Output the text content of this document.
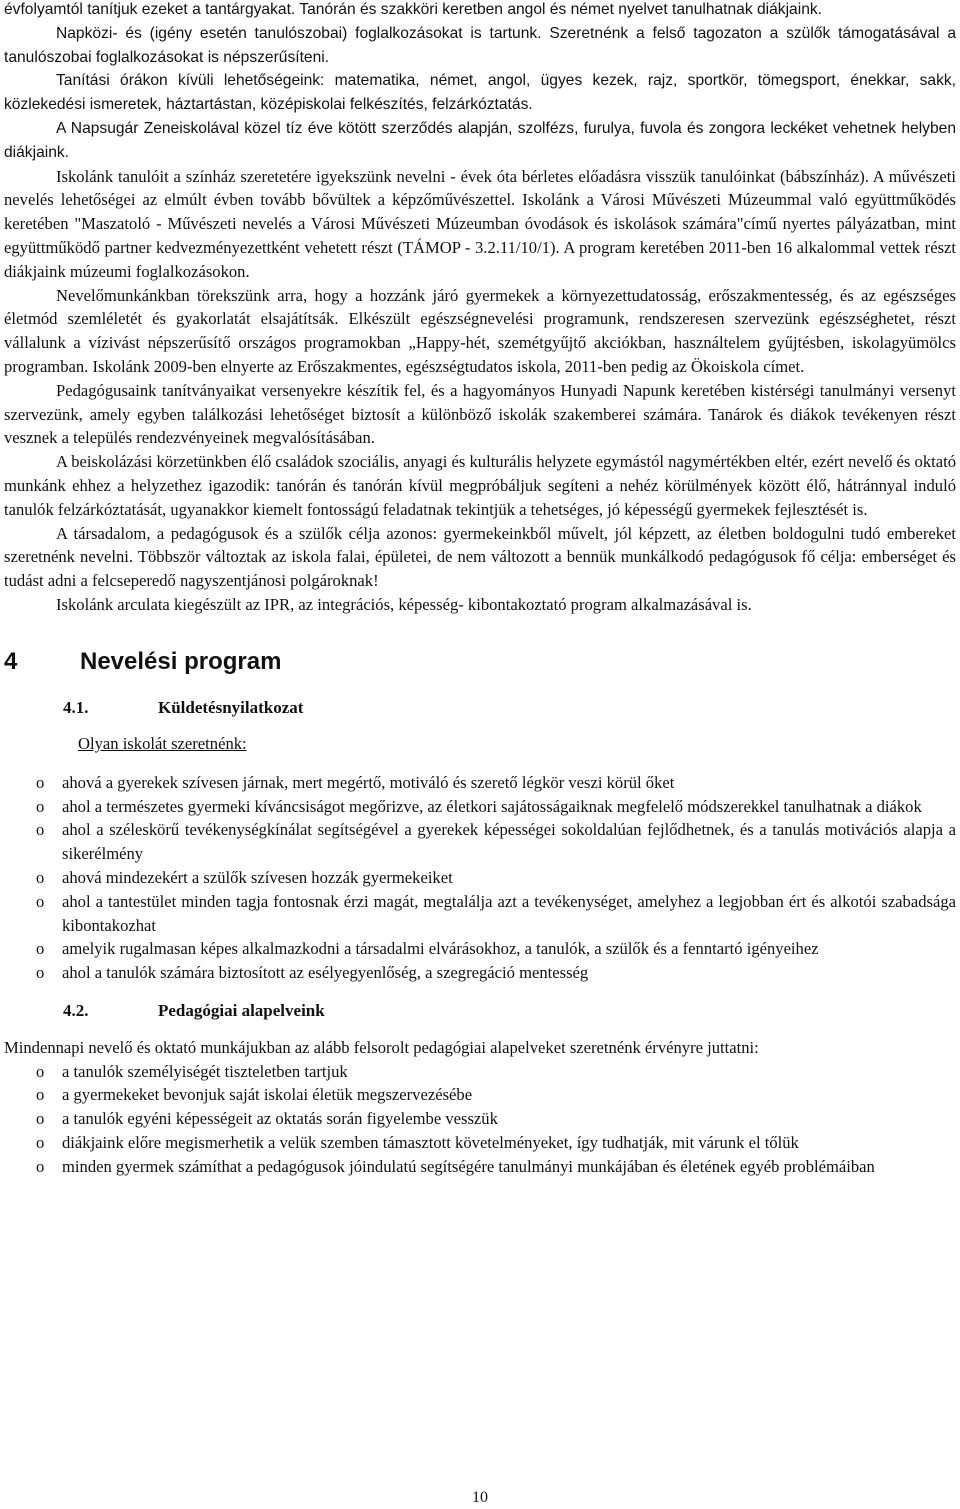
évfolyamtól tanítjuk ezeket a tantárgyakat. Tanórán és szakköri keretben angol és német nyelvet tanulhatnak diákjaink.

Napközi- és (igény esetén tanulószobai) foglalkozásokat is tartunk. Szeretnénk a felső tagozaton a szülők támogatásával a tanulószobai foglalkozásokat is népszerűsíteni.

Tanítási órákon kívüli lehetőségeink: matematika, német, angol, ügyes kezek, rajz, sportkör, tömegsport, énekkar, sakk, közlekedési ismeretek, háztartástan, középiskolai felkészítés, felzárkóztatás.

A Napsugár Zeneiskolával közel tíz éve kötött szerződés alapján, szolfézs, furulya, fuvola és zongora leckéket vehetnek helyben diákjaink.

Iskolánk tanulóit a színház szeretetére igyekszünk nevelni - évek óta bérletes előadásra visszük tanulóinkat (bábszínház). A művészeti nevelés lehetőségei az elmúlt évben tovább bővültek a képzőművészettel. Iskolánk a Városi Művészeti Múzeummal való együttműködés keretében "Maszatoló - Művészeti nevelés a Városi Művészeti Múzeumban óvodások és iskolások számára"című nyertes pályázatban, mint együttműködő partner kedvezményezettként vehetett részt (TÁMOP - 3.2.11/10/1). A program keretében 2011-ben 16 alkalommal vettek részt diákjaink múzeumi foglalkozásokon.

Nevelőmunkánkban törekszünk arra, hogy a hozzánk járó gyermekek a környezettudatosság, erőszakmentesség, és az egészséges életmód szemléletét és gyakorlatát elsajátítsák. Elkészült egészségnevelési programunk, rendszeresen szervezünk egészséghetet, részt vállalunk a vízivást népszerűsítő országos programokban „Happy-hét, szemétgyűjtő akciókban, használtelem gyűjtésben, iskolagyümölcs programban. Iskolánk 2009-ben elnyerte az Erőszakmentes, egészségtudatos iskola, 2011-ben pedig az Ökoiskola címet.

Pedagógusaink tanítványaikat versenyekre készítik fel, és a hagyományos Hunyadi Napunk keretében kistérségi tanulmányi versenyt szervezünk, amely egyben találkozási lehetőséget biztosít a különböző iskolák szakemberei számára. Tanárok és diákok tevékenyen részt vesznek a település rendezvényeinek megvalósításában.

A beiskolázási körzetünkben élő családok szociális, anyagi és kulturális helyzete egymástól nagymértékben eltér, ezért nevelő és oktató munkánk ehhez a helyzethez igazodik: tanórán és tanórán kívül megpróbáljuk segíteni a nehéz körülmények között élő, hátránnyal induló tanulók felzárkóztatását, ugyanakkor kiemelt fontosságú feladatnak tekintjük a tehetséges, jó képességű gyermekek fejlesztését is.

A társadalom, a pedagógusok és a szülők célja azonos: gyermekeinkből művelt, jól képzett, az életben boldogulni tudó embereket szeretnénk nevelni. Többször változtak az iskola falai, épületei, de nem változott a bennük munkálkodó pedagógusok fő célja: emberséget és tudást adni a felcseperedő nagyszentjánosi polgároknak!

Iskolánk arculata kiegészült az IPR, az integrációs, képesség- kibontakoztató program alkalmazásával is.

4	Nevelési program
4.1.	Küldetésnyilatkozat
Olyan iskolát szeretnénk:
o ahová a gyerekek szívesen járnak, mert megértő, motiváló és szerető légkör veszi körül őket
o ahol a természetes gyermeki kíváncsiságot megőrizve, az életkori sajátosságaiknak megfelelő módszerekkel tanulhatnak a diákok
o ahol a széleskörű tevékenységkínálat segítségével a gyerekek képességei sokoldalúan fejlődhetnek, és a tanulás motivációs alapja a sikerélmény
o ahová mindezekért a szülők szívesen hozzák gyermekeiket
o ahol a tantestület minden tagja fontosnak érzi magát, megtalálja azt a tevékenységet, amelyhez a legjobban ért és alkotói szabadsága kibontakozhat
o amelyik rugalmasan képes alkalmazkodni a társadalmi elvárásokhoz, a tanulók, a szülők és a fenntartó igényeihez
o ahol a tanulók számára biztosított az esélyegyenlőség, a szegregáció mentesség
4.2.	Pedagógiai alapelveink

Mindennapi nevelő és oktató munkájukban az alább felsorolt pedagógiai alapelveket szeretnénk érvényre juttatni:

o a tanulók személyiségét tiszteletben tartjuk
o a gyermekeket bevonjuk saját iskolai életük megszervezésébe
o a tanulók egyéni képességeit az oktatás során figyelembe vesszük
o diákjaink előre megismerhetik a velük szemben támasztott követelményeket, így tudhatják, mit várunk el tőlük
o minden gyermek számíthat a pedagógusok jóindulatú segítségére tanulmányi munkájában és életének egyéb problémáiban
10
